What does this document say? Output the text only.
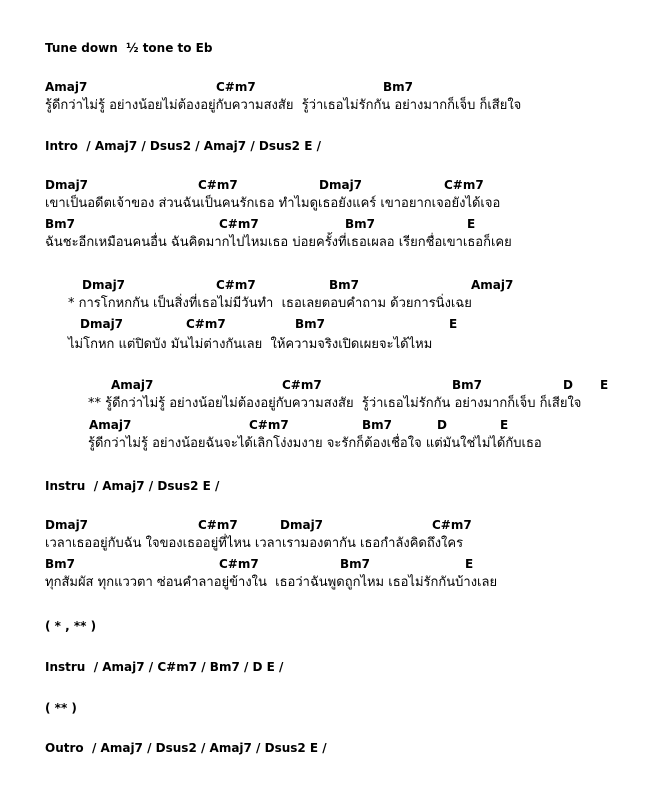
Tune down  ½ tone to Eb

Amaj7

	C#m7

	Bm7

รู้ดีกว่าไม่รู้ อย่างน้อยไม่ต้องอยู่กับความสงสัย  รู้ว่าเธอไม่รักกัน อย่างมากก็เจ็บ ก็เสียใจ
Intro  / Amaj7 / Dsus2 / Amaj7 / Dsus2 E /

Dmaj7

	C#m7

	Dmaj7

	C#m7

เขาเป็นอดีตเจ้าของ ส่วนฉันเป็นคนรักเธอ ทำไมดูเธอยังแคร์ เขาอยากเจอยังได้เจอ

Bm7

	C#m7

	Bm7

	E

ฉันชะอีกเหมือนคนอื่น ฉันคิดมากไปไหมเธอ บ่อยครั้งที่เธอเผลอ เรียกชื่อเขาเธอก็เคย

Dmaj7

	C#m7

	Bm7

	Amaj7

* การโกหกกัน เป็นสิ่งที่เธอไม่มีวันทำ  เธอเลยตอบคำถาม ด้วยการนิ่งเฉย

Dmaj7

	C#m7

	Bm7

	E

ไม่โกหก แต่ปิดบัง มันไม่ต่างกันเลย  ให้ความจริงเปิดเผยจะได้ไหม

Amaj7

	C#m7

	Bm7

	D

E

** รู้ดีกว่าไม่รู้ อย่างน้อยไม่ต้องอยู่กับความสงสัย  รู้ว่าเธอไม่รักกัน อย่างมากก็เจ็บ ก็เสียใจ

Amaj7

	C#m7

	Bm7

	D

	E

รู้ดีกว่าไม่รู้ อย่างน้อยฉันจะได้เลิกโง่งมงาย จะรักก็ต้องเชื่อใจ แต่มันใช่ไม่ได้กับเธอ
Instru  / Amaj7 / Dsus2 E /

Dmaj7

	C#m7

	Dmaj7

	C#m7

เวลาเธออยู่กับฉัน ใจของเธออยู่ที่ไหน เวลาเรามองตากัน เธอกำลังคิดถึงใคร

Bm7

	C#m7

	Bm7

	E

ทุกสัมผัส ทุกแววตา ซ่อนคำลาอยู่ข้างใน  เธอว่าฉันพูดถูกไหม เธอไม่รักกันบ้างเลย
( * , ** )
Instru  / Amaj7 / C#m7 / Bm7 / D E /
( ** )
Outro  / Amaj7 / Dsus2 / Amaj7 / Dsus2 E /
